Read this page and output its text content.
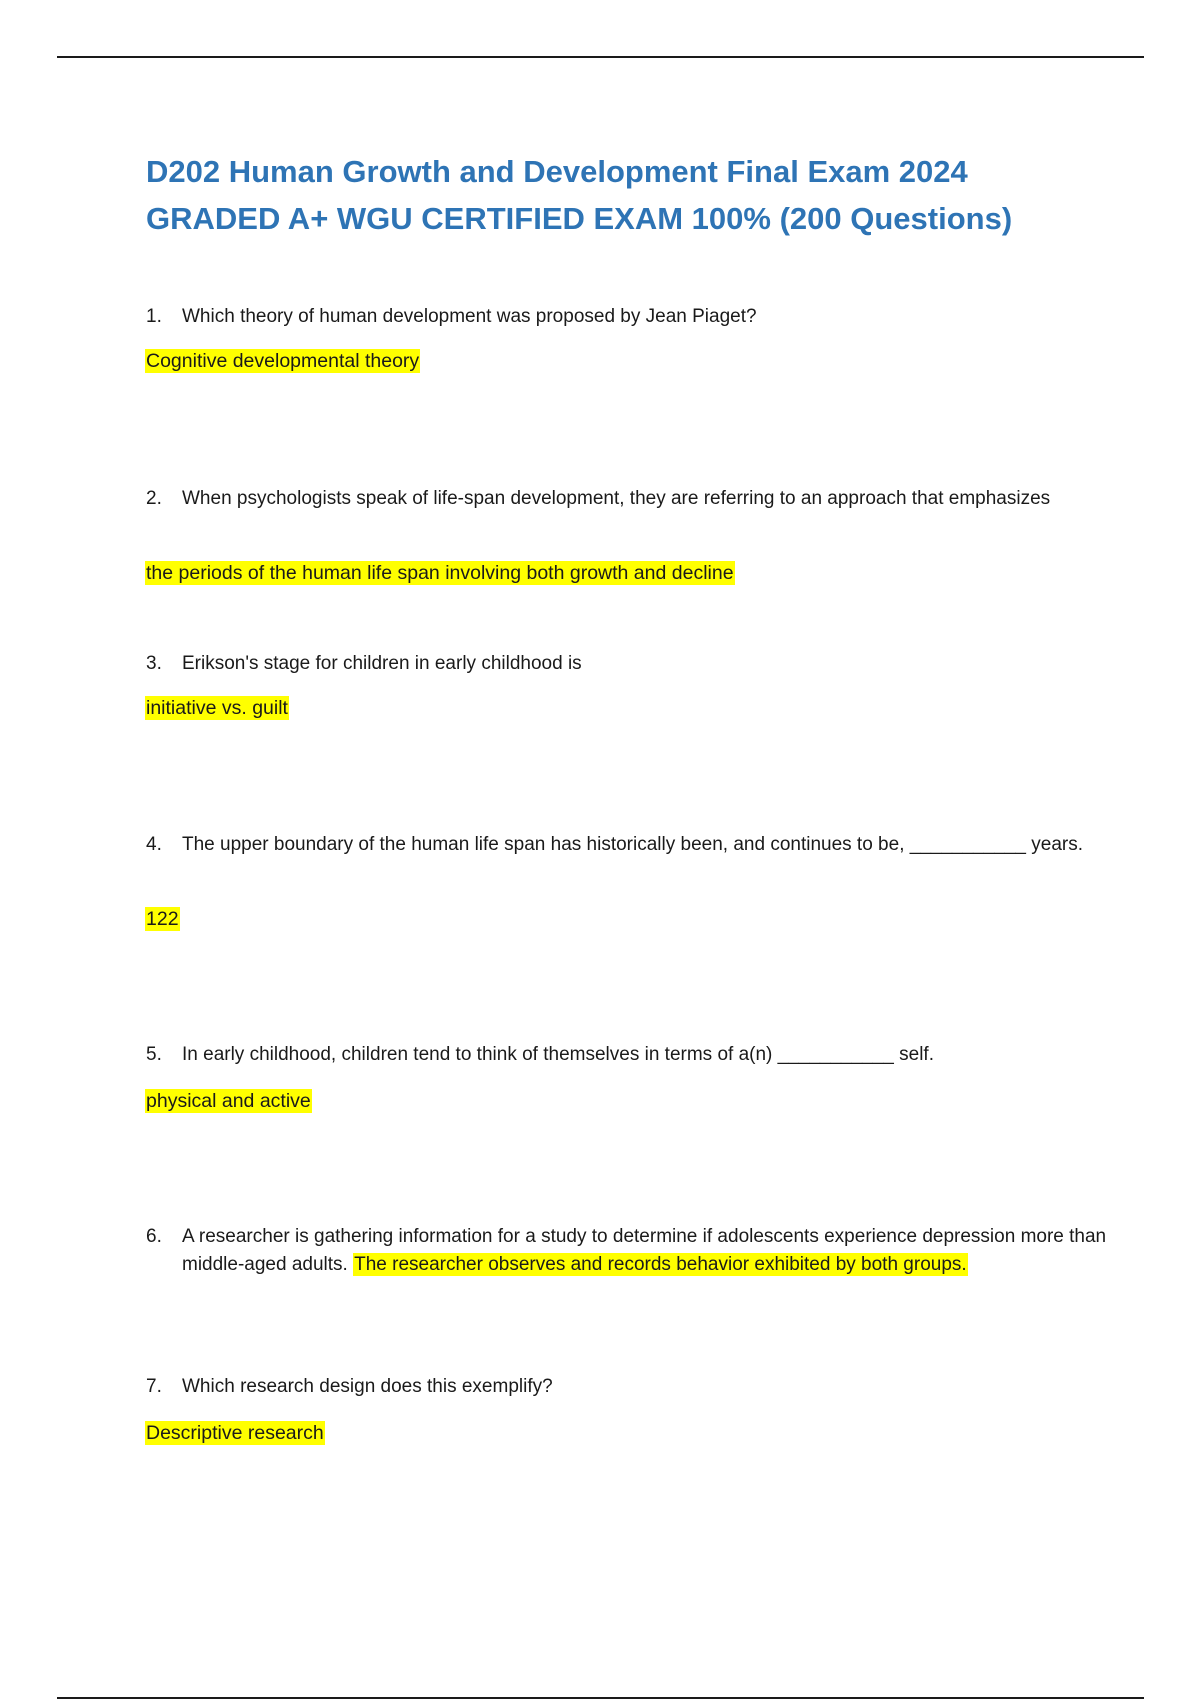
D202 Human Growth and Development Final Exam 2024 GRADED A+ WGU CERTIFIED EXAM 100% (200 Questions)
1.	Which theory of human development was proposed by Jean Piaget?
Cognitive developmental theory
2.	When psychologists speak of life-span development, they are referring to an approach that emphasizes
the periods of the human life span involving both growth and decline
3.	Erikson's stage for children in early childhood is
initiative vs. guilt
4.	The upper boundary of the human life span has historically been, and continues to be, ___________ years.
122
5.	In early childhood, children tend to think of themselves in terms of a(n) ___________ self.
physical and active
6.	A researcher is gathering information for a study to determine if adolescents experience depression more than middle-aged adults. The researcher observes and records behavior exhibited by both groups.
7.	Which research design does this exemplify?
Descriptive research
